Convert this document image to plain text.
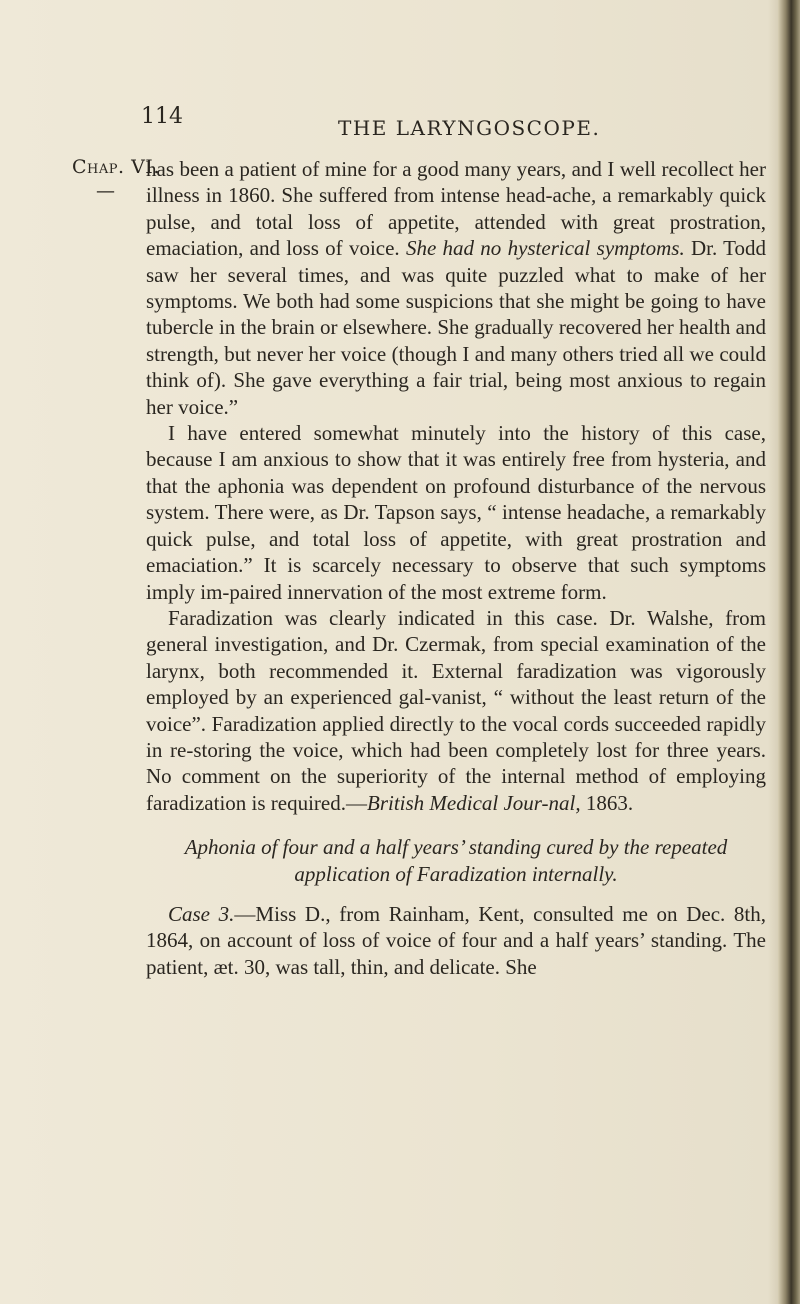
114	THE LARYNGOSCOPE.
Chap. VI.
—

has been a patient of mine for a good many years, and I well recollect her illness in 1860. She suffered from intense head-ache, a remarkably quick pulse, and total loss of appetite, attended with great prostration, emaciation, and loss of voice. She had no hysterical symptoms. Dr. Todd saw her several times, and was quite puzzled what to make of her symptoms. We both had some suspicions that she might be going to have tubercle in the brain or elsewhere. She gradually recovered her health and strength, but never her voice (though I and many others tried all we could think of). She gave everything a fair trial, being most anxious to regain her voice.”

I have entered somewhat minutely into the history of this case, because I am anxious to show that it was entirely free from hysteria, and that the aphonia was dependent on profound disturbance of the nervous system. There were, as Dr. Tapson says, “ intense headache, a remarkably quick pulse, and total loss of appetite, with great prostration and emaciation.” It is scarcely necessary to observe that such symptoms imply im-paired innervation of the most extreme form.

Faradization was clearly indicated in this case. Dr. Walshe, from general investigation, and Dr. Czermak, from special examination of the larynx, both recommended it. External faradization was vigorously employed by an experienced gal-vanist, “ without the least return of the voice”. Faradization applied directly to the vocal cords succeeded rapidly in re-storing the voice, which had been completely lost for three years. No comment on the superiority of the internal method of employing faradization is required.—British Medical Jour-nal, 1863.

Aphonia of four and a half years’ standing cured by the repeated application of Faradization internally.

Case 3.—Miss D., from Rainham, Kent, consulted me on Dec. 8th, 1864, on account of loss of voice of four and a half years’ standing. The patient, æt. 30, was tall, thin, and delicate. She
